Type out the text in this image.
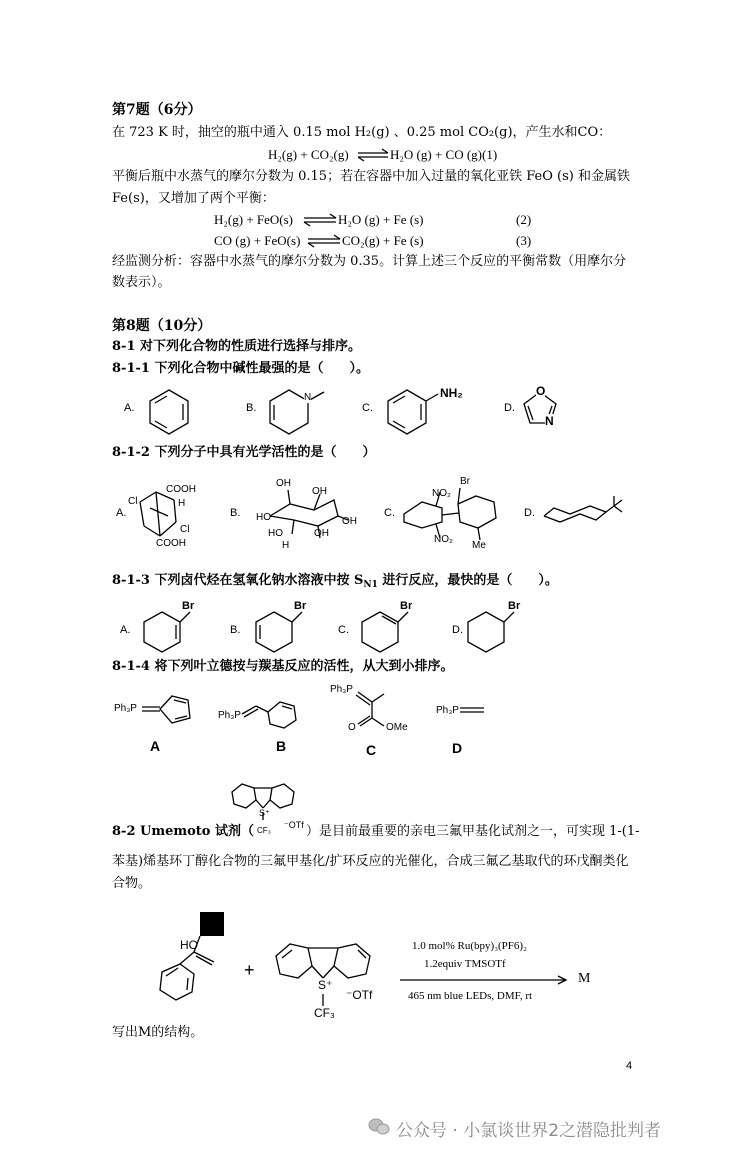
第7题（6分）
在 723 K 时，抽空的瓶中通入 0.15 mol H₂(g) 、0.25 mol CO₂(g)，产生水和CO：
H₂(g) + CO₂(g) ⇌ H₂O (g) + CO (g)(1)
平衡后瓶中水蒸气的摩尔分数为 0.15；若在容器中加入过量的氧化亚铁 FeO (s) 和金属铁
Fe(s)，又增加了两个平衡：
H₂(g) + FeO(s) ⇌ H₂O (g) + Fe (s)	(2)
CO (g) + FeO(s) ⇌ CO₂(g) + Fe (s)	(3)
经监测分析：容器中水蒸气的摩尔分数为 0.35。计算上述三个反应的平衡常数（用摩尔分
数表示）。
第8题（10分）
8-1 对下列化合物的性质进行选择与排序。
8-1-1 下列化合物中碱性最强的是（　　）。
A.	B.
N
C.
NH₂
D.
O
N
8-1-2 下列分子中具有光学活性的是（　　）
A.
COOH
Cl	H
Cl
COOH
B.
OH
OH
HO
HO	OH
OH
H
C.
Br
NO₂
NO₂
Me
D.
8-1-3 下列卤代烃在氢氧化钠水溶液中按 $S_{N1}$ 进行反应，最快的是（　　）。
A.
Br
B.
Br
C.
Br
D.
Br
8-1-4 将下列叶立德按与羰基反应的活性，从大到小排序。
Ph₃P
A
Ph₃P
B
Ph₃P
O	OMe
C
Ph₃P
D
S⁺
CF₃
⁻OTf
8-2 Umemoto 试剂（	）是目前最重要的亲电三氟甲基化试剂之一，可实现 1-(1-
苯基)烯基环丁醇化合物的三氟甲基化/扩环反应的光催化，合成三氟乙基取代的环戊酮类化
合物。
HO
+
S⁺
CF₃
⁻OTf
1.0 mol% Ru(bpy)₃(PF6)₂
1.2equiv TMSOTf
465 nm blue LEDs, DMF, rt
M
写出M的结构。
4
公众号 · 小氯谈世界2之潜隐批判者
